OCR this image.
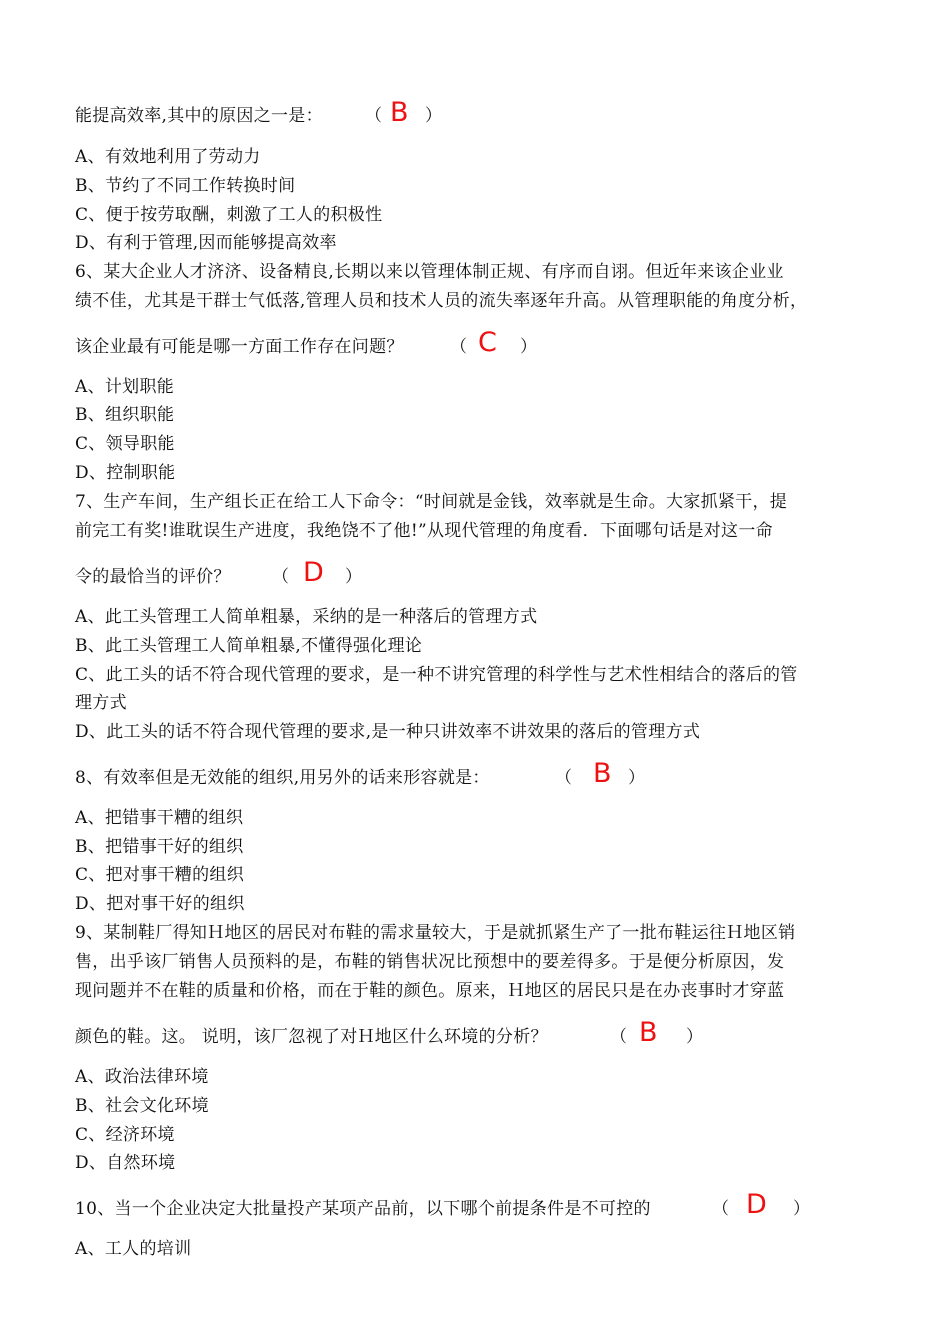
能提高效率,其中的原因之一是： （ B ）
A、有效地利用了劳动力
B、节约了不同工作转换时间
C、便于按劳取酬，刺激了工人的积极性
D、有利于管理,因而能够提高效率
6、某大企业人才济济、设备精良,长期以来以管理体制正规、有序而自诩。但近年来该企业业
绩不佳，尤其是干群士气低落,管理人员和技术人员的流失率逐年升高。从管理职能的角度分析，
该企业最有可能是哪一方面工作存在问题？	（ C ）
A、计划职能
B、组织职能
C、领导职能
D、控制职能
7、生产车间，生产组长正在给工人下命令：“时间就是金钱，效率就是生命。大家抓紧干，提
前完工有奖!谁耽误生产进度，我绝饶不了他!”从现代管理的角度看．下面哪句话是对这一命
令的最恰当的评价？ （ D ）
A、此工头管理工人简单粗暴，采纳的是一种落后的管理方式
B、此工头管理工人简单粗暴,不懂得强化理论
C、此工头的话不符合现代管理的要求，是一种不讲究管理的科学性与艺术性相结合的落后的管
理方式
D、此工头的话不符合现代管理的要求,是一种只讲效率不讲效果的落后的管理方式
8、有效率但是无效能的组织,用另外的话来形容就是：	（ B ）
A、把错事干糟的组织
B、把错事干好的组织
C、把对事干糟的组织
D、把对事干好的组织
9、某制鞋厂得知Ｈ地区的居民对布鞋的需求量较大，于是就抓紧生产了一批布鞋运往Ｈ地区销
售，出乎该厂销售人员预料的是，布鞋的销售状况比预想中的要差得多。于是便分析原因，发
现问题并不在鞋的质量和价格，而在于鞋的颜色。原来，Ｈ地区的居民只是在办丧事时才穿蓝
颜色的鞋。这。 说明，该厂忽视了对Ｈ地区什么环境的分析？	（ B ）
A、政治法律环境
B、社会文化环境
C、经济环境
D、自然环境
10、当一个企业决定大批量投产某项产品前，以下哪个前提条件是不可控的	（ D ）
A、工人的培训
